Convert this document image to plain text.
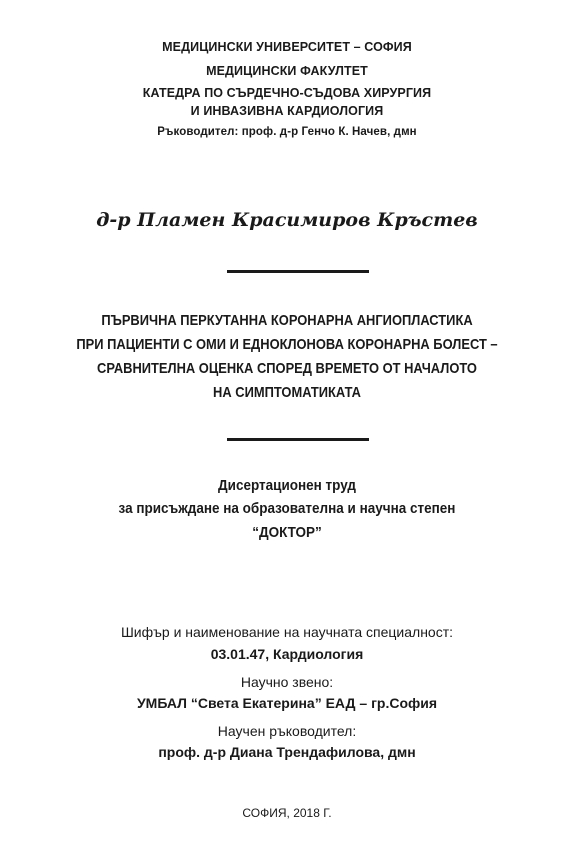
МЕДИЦИНСКИ УНИВЕРСИТЕТ – СОФИЯ
МЕДИЦИНСКИ ФАКУЛТЕТ
КАТЕДРА ПО СЪРДЕЧНО-СЪДОВА ХИРУРГИЯ
И ИНВАЗИВНА КАРДИОЛОГИЯ
Ръководител: проф. д-р Генчо К. Начев, дмн
д-р Пламен Красимиров Кръстев
ПЪРВИЧНА ПЕРКУТАННА КОРОНАРНА АНГИОПЛАСТИКА
ПРИ ПАЦИЕНТИ С ОМИ И ЕДНОКЛОНОВА КОРОНАРНА БОЛЕСТ –
СРАВНИТЕЛНА ОЦЕНКА СПОРЕД ВРЕМЕТО ОТ НАЧАЛОТО
НА СИМПТОМАТИКАТА
Дисертационен труд
за присъждане на образователна и научна степен
“ДОКТОР”
Шифър и наименование на научната специалност:
03.01.47, Кардиология
Научно звено:
УМБАЛ “Света Екатерина” ЕАД – гр.София
Научен ръководител:
проф. д-р Диана Трендафилова, дмн
СОФИЯ, 2018 Г.
